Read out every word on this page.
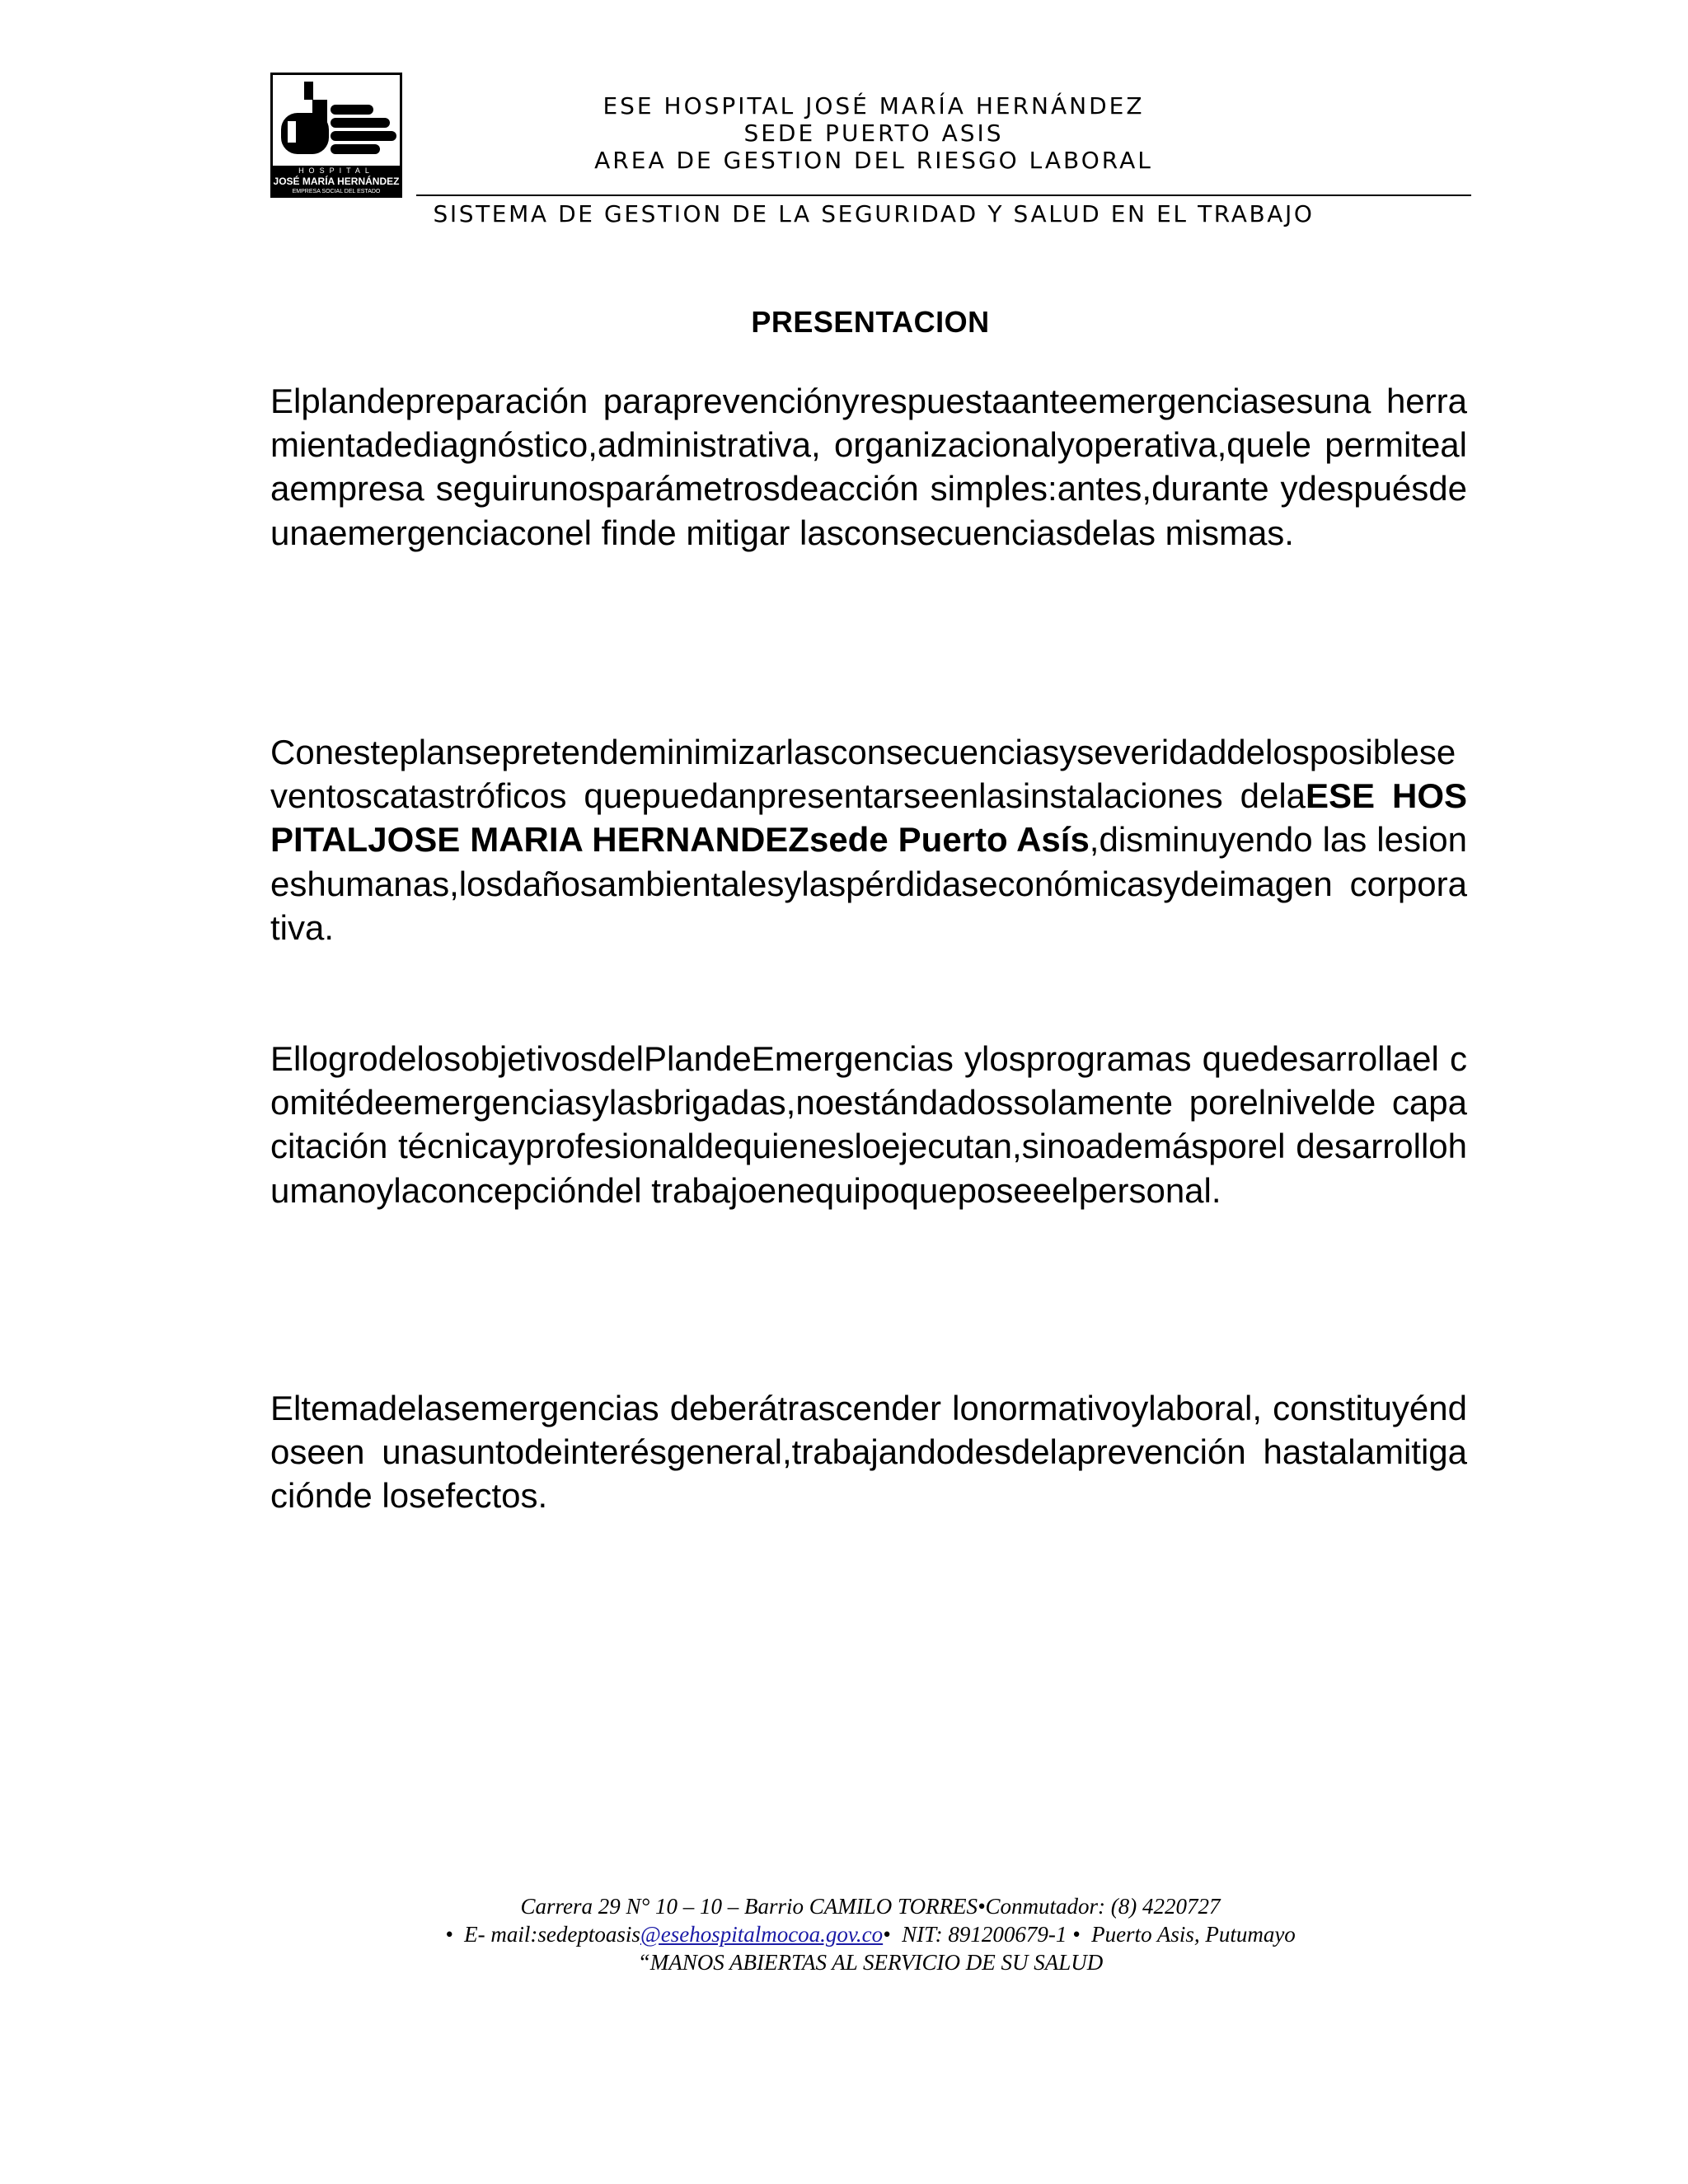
HOSPITAL
JOSÉ MARÍA HERNÁNDEZ
EMPRESA SOCIAL DEL ESTADO
ESE HOSPITAL JOSÉ MARÍA HERNÁNDEZ
SEDE PUERTO ASIS
AREA DE GESTION DEL RIESGO LABORAL
SISTEMA DE GESTION DE LA SEGURIDAD Y SALUD EN EL TRABAJO
PRESENTACION

Elplandepreparación paraprevenciónyrespuestaanteemergenciasesuna herramientadediagnóstico,administrativa, organizacionalyoperativa,quele permitealaempresa seguirunosparámetrosdeacción simples:antes,durante ydespuésdeunaemergenciaconel finde mitigar lasconsecuenciasdelas mismas.

Conesteplansepretendeminimizarlasconsecuenciasyseveridaddelosposibleseventoscatastróficos quepuedanpresentarseenlasinstalaciones delaESE HOSPITALJOSE MARIA HERNANDEZsede Puerto Asís,disminuyendo las lesioneshumanas,losdañosambientalesylaspérdidaseconómicasydeimagen corporativa.

EllogrodelosobjetivosdelPlandeEmergencias ylosprogramas quedesarrollael comitédeemergenciasylasbrigadas,noestándadossolamente porelnivelde capacitación técnicayprofesionaldequienesloejecutan,sinoademásporel desarrollohumanoylaconcepcióndel trabajoenequipoqueposeeelpersonal.

Eltemadelasemergencias deberátrascender lonormativoylaboral, constituyéndoseen unasuntodeinterésgeneral,trabajandodesdelaprevención hastalamitigaciónde losefectos.

Carrera 29 N° 10 – 10 – Barrio CAMILO TORRES•Conmutador: (8) 4220727
• E- mail:sedeptoasis@esehospitalmocoa.gov.co• NIT: 891200679-1 • Puerto Asis, Putumayo
“MANOS ABIERTAS AL SERVICIO DE SU SALUD
